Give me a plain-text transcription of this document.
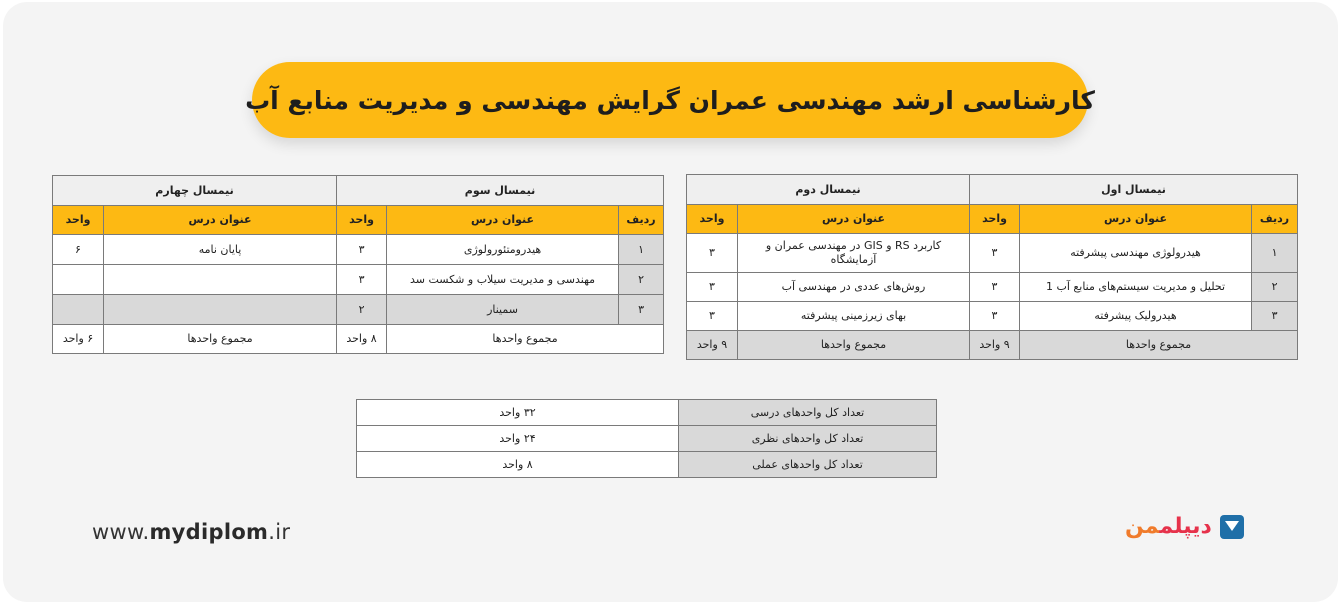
کارشناسی ارشد مهندسی عمران گرایش مهندسی و مدیریت منابع آب
نیمسال اول			نیمسال دوم	
ردیف	عنوان درس	واحد	عنوان درس	واحد
۱	هیدرولوژی مهندسی پیشرفته	۳	کاربرد RS و GIS در مهندسی عمران و آزمایشگاه	۳
۲	تحلیل و مدیریت سیستم‌های منابع آب 1	۳	روش‌های عددی در مهندسی آب	۳
۳	هیدرولیک پیشرفته	۳	بهای زیرزمینی پیشرفته	۳
مجموع واحدها		۹ واحد	مجموع واحدها	۹ واحد
نیمسال سوم			نیمسال چهارم	
ردیف	عنوان درس	واحد	عنوان درس	واحد
۱	هیدرومتئورولوژی	۳	پایان نامه	۶
۲	مهندسی و مدیریت سیلاب و شکست سد	۳		
۳	سمینار	۲		
مجموع واحدها		۸ واحد	مجموع واحدها	۶ واحد
تعداد کل واحدهای درسی	۳۲ واحد
تعداد کل واحدهای نظری	۲۴ واحد
تعداد کل واحدهای عملی	۸ واحد
www.mydiplom.ir	دیپلممن
